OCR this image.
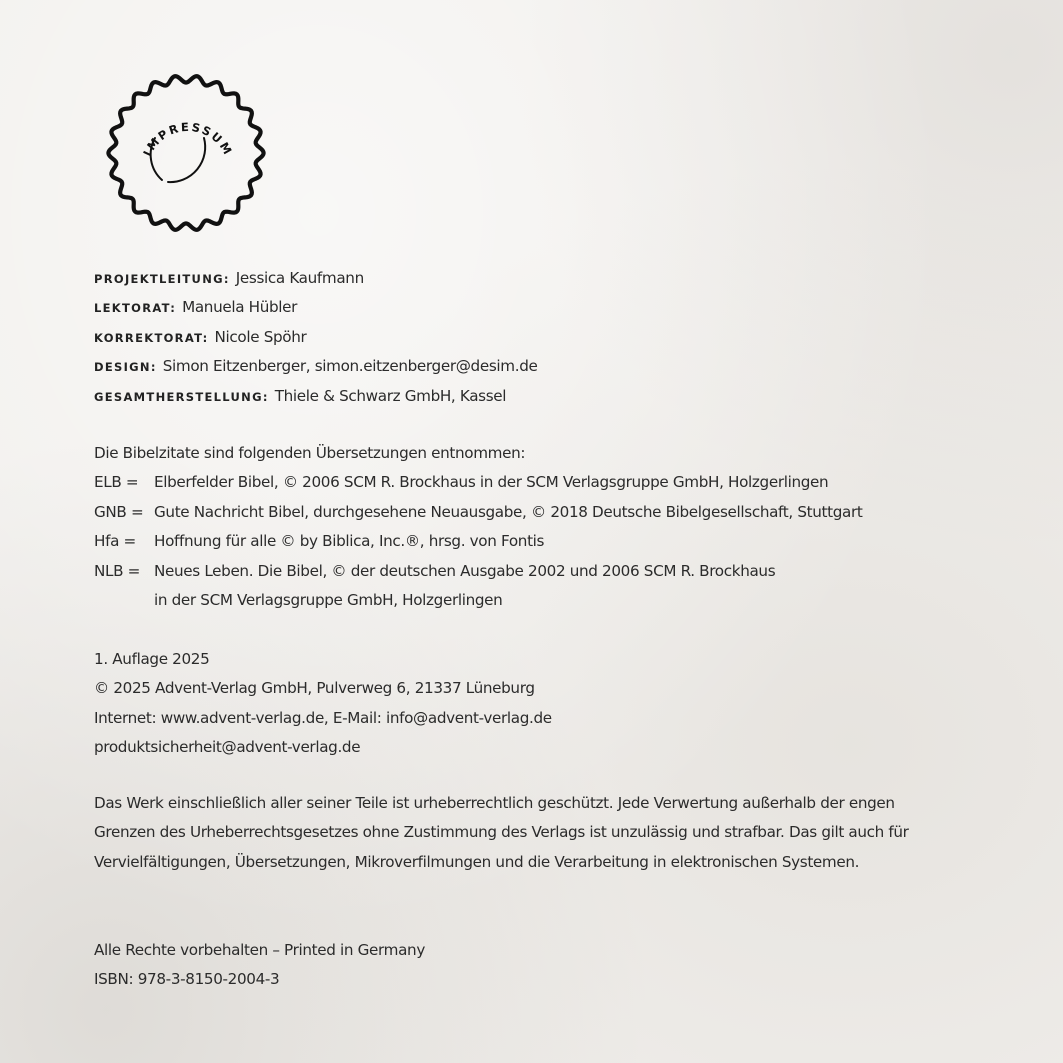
IMPRESSUM
PROJEKTLEITUNG: Jessica Kaufmann
LEKTORAT: Manuela Hübler
KORREKTORAT: Nicole Spöhr
DESIGN: Simon Eitzenberger, simon.eitzenberger@desim.de
GESAMTHERSTELLUNG: Thiele & Schwarz GmbH, Kassel
Die Bibelzitate sind folgenden Übersetzungen entnommen:
ELB =	Elberfelder Bibel, © 2006 SCM R. Brockhaus in der SCM Verlagsgruppe GmbH, Holzgerlingen
GNB = Gute Nachricht Bibel, durchgesehene Neuausgabe, © 2018 Deutsche Bibelgesellschaft, Stuttgart
Hfa =	Hoffnung für alle © by Biblica, Inc.®, hrsg. von Fontis
NLB = Neues Leben. Die Bibel, © der deutschen Ausgabe 2002 und 2006 SCM R. Brockhaus
in der SCM Verlagsgruppe GmbH, Holzgerlingen
1. Auflage 2025
© 2025 Advent-Verlag GmbH, Pulverweg 6, 21337 Lüneburg
Internet: www.advent-verlag.de, E-Mail: info@advent-verlag.de
produktsicherheit@advent-verlag.de
Das Werk einschließlich aller seiner Teile ist urheberrechtlich geschützt. Jede Verwertung außerhalb der engen
Grenzen des Urheberrechtsgesetzes ohne Zustimmung des Verlags ist unzulässig und strafbar. Das gilt auch für
Vervielfältigungen, Übersetzungen, Mikroverfilmungen und die Verarbeitung in elektronischen Systemen.
Alle Rechte vorbehalten – Printed in Germany
ISBN: 978-3-8150-2004-3
